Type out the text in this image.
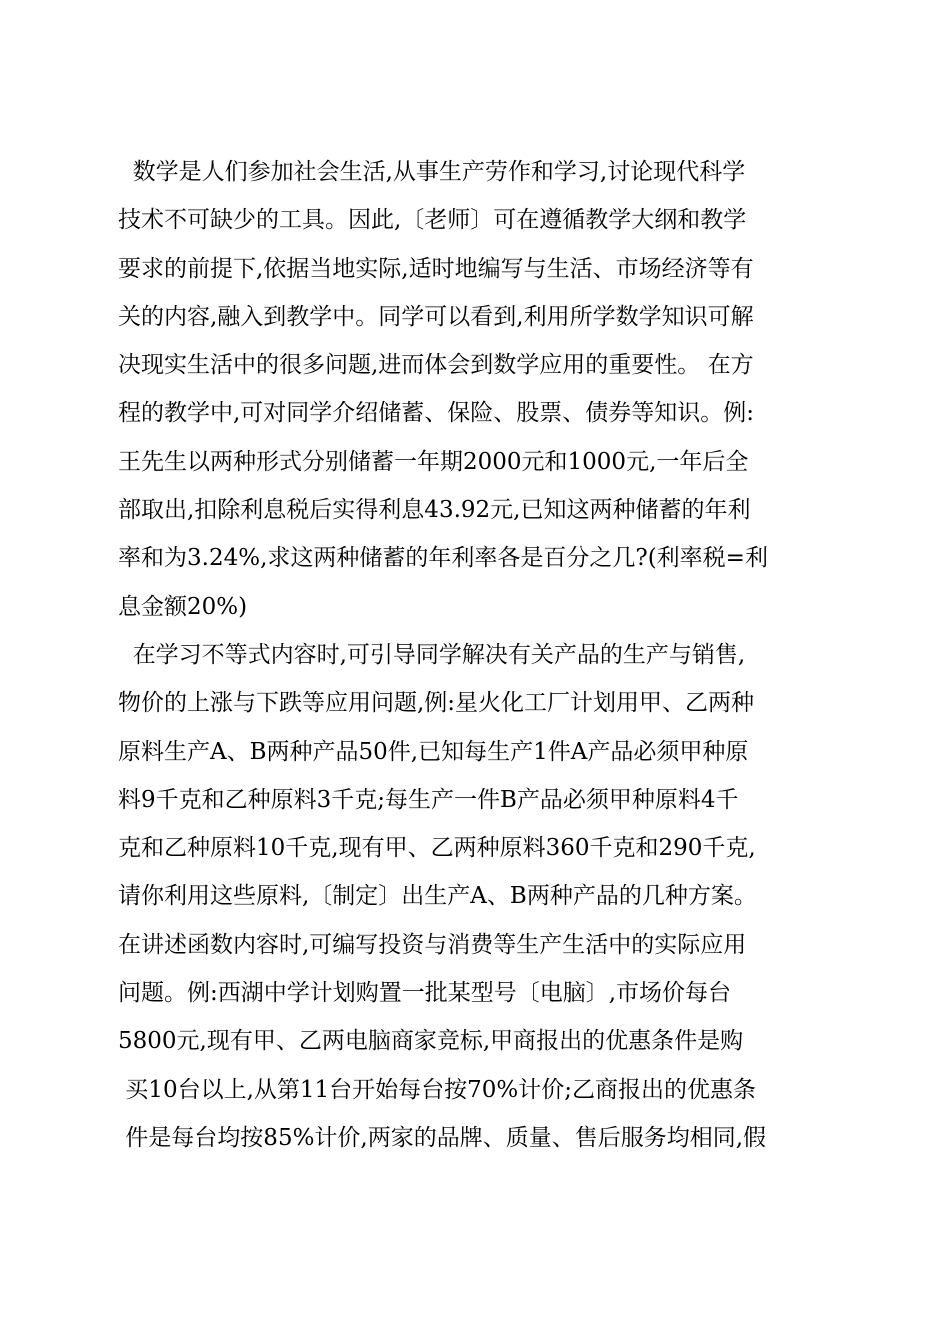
数学是人们参加社会生活,从事生产劳作和学习,讨论现代科学
技术不可缺少的工具。因此,〔老师〕可在遵循教学大纲和教学
要求的前提下,依据当地实际,适时地编写与生活、市场经济等有
关的内容,融入到教学中。同学可以看到,利用所学数学知识可解
决现实生活中的很多问题,进而体会到数学应用的重要性。 在方
程的教学中,可对同学介绍储蓄、保险、股票、债券等知识。例:
王先生以两种形式分别储蓄一年期2000元和1000元,一年后全
部取出,扣除利息税后实得利息43.92元,已知这两种储蓄的年利
率和为3.24%,求这两种储蓄的年利率各是百分之几?(利率税=利
息金额20%)
在学习不等式内容时,可引导同学解决有关产品的生产与销售,
物价的上涨与下跌等应用问题,例:星火化工厂计划用甲、乙两种
原料生产A、B两种产品50件,已知每生产1件A产品必须甲种原
料9千克和乙种原料3千克;每生产一件B产品必须甲种原料4千
克和乙种原料10千克,现有甲、乙两种原料360千克和290千克,
请你利用这些原料,〔制定〕出生产A、B两种产品的几种方案。
在讲述函数内容时,可编写投资与消费等生产生活中的实际应用
问题。例:西湖中学计划购置一批某型号〔电脑〕,市场价每台
5800元,现有甲、乙两电脑商家竞标,甲商报出的优惠条件是购
买10台以上,从第11台开始每台按70%计价;乙商报出的优惠条
件是每台均按85%计价,两家的品牌、质量、售后服务均相同,假
